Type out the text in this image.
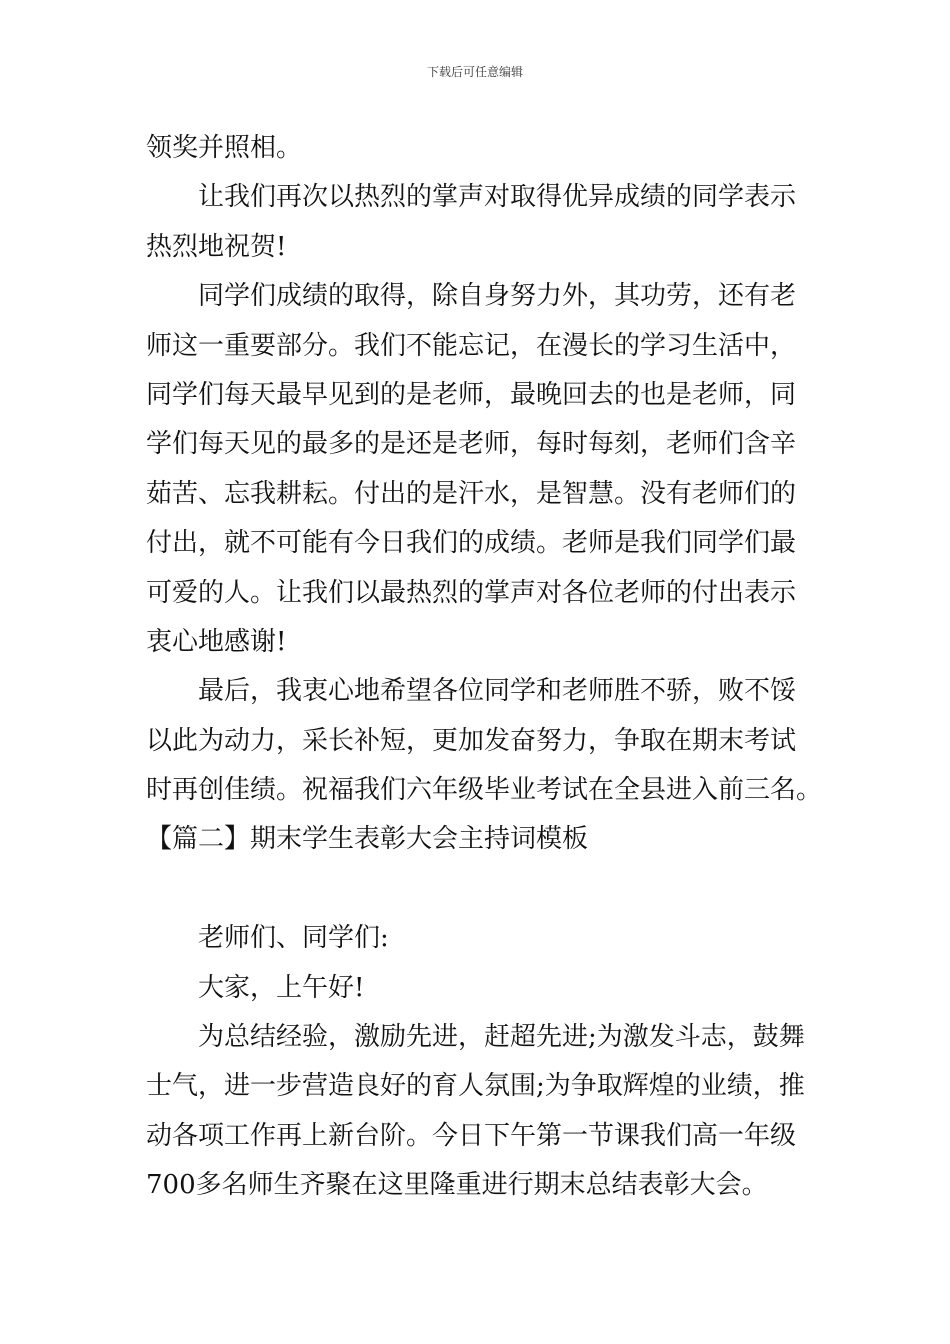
下载后可任意编辑
领奖并照相。
让我们再次以热烈的掌声对取得优异成绩的同学表示
热烈地祝贺!
同学们成绩的取得，除自身努力外，其功劳，还有老
师这一重要部分。我们不能忘记，在漫长的学习生活中，
同学们每天最早见到的是老师，最晚回去的也是老师，同
学们每天见的最多的是还是老师，每时每刻，老师们含辛
茹苦、忘我耕耘。付出的是汗水，是智慧。没有老师们的
付出，就不可能有今日我们的成绩。老师是我们同学们最
可爱的人。让我们以最热烈的掌声对各位老师的付出表示
衷心地感谢!
最后，我衷心地希望各位同学和老师胜不骄，败不馁
以此为动力，采长补短，更加发奋努力，争取在期末考试
时再创佳绩。祝福我们六年级毕业考试在全县进入前三名。
【篇二】期末学生表彰大会主持词模板
老师们、同学们:
大家，上午好!
为总结经验，激励先进，赶超先进;为激发斗志，鼓舞
士气，进一步营造良好的育人氛围;为争取辉煌的业绩，推
动各项工作再上新台阶。今日下午第一节课我们高一年级
700多名师生齐聚在这里隆重进行期末总结表彰大会。
